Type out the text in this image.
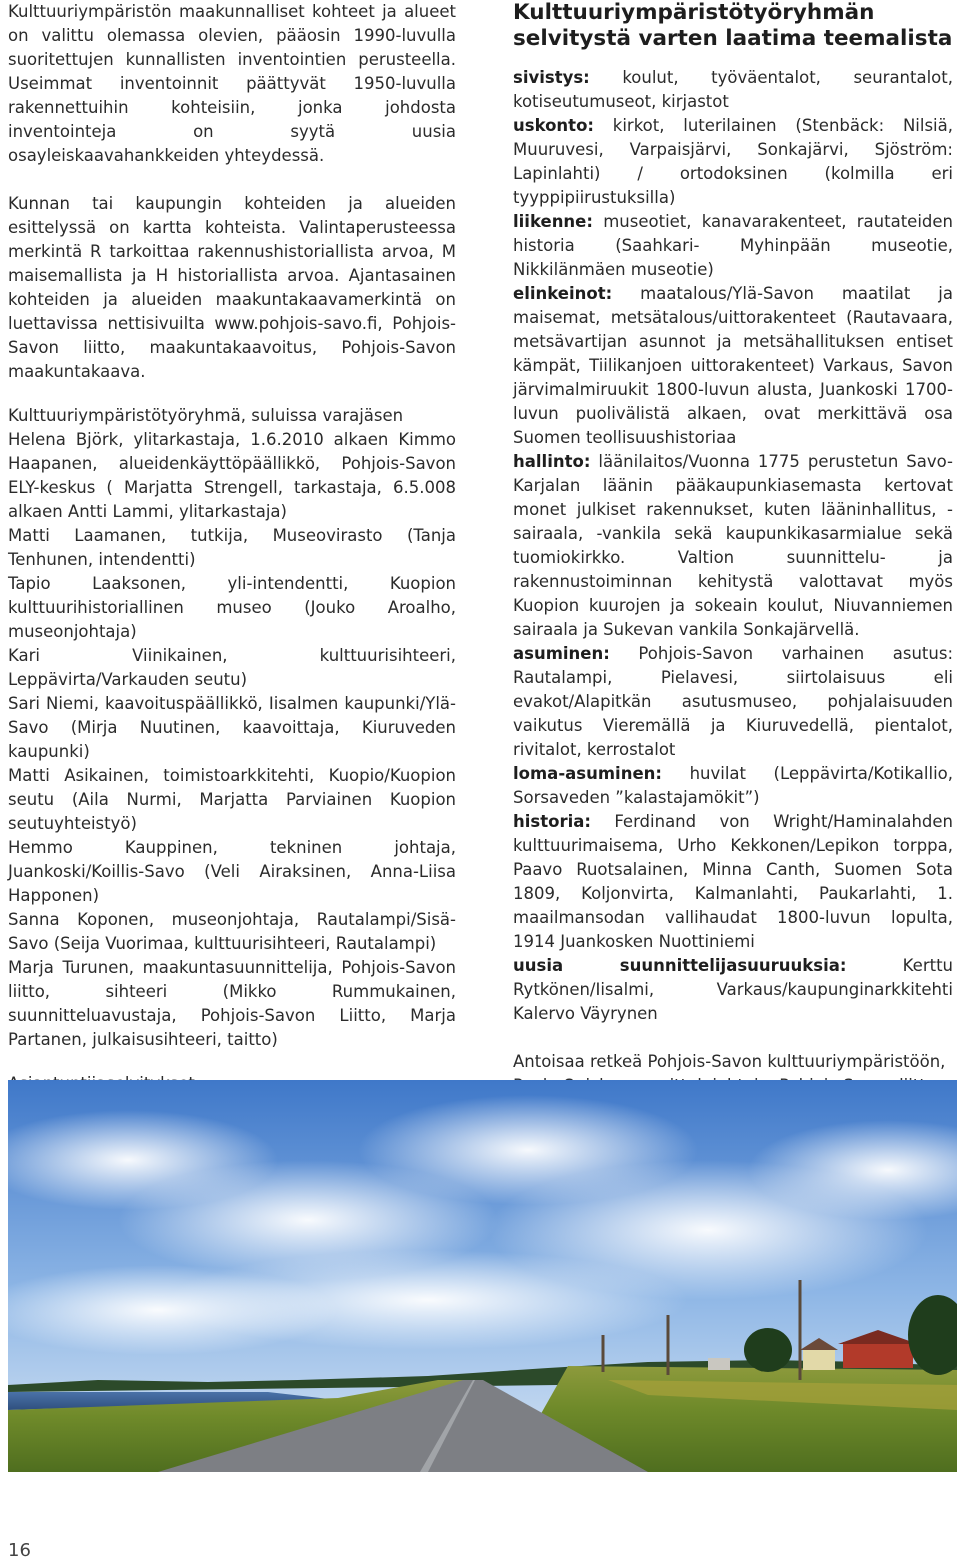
Kulttuuriympäristön maakunnalliset kohteet ja alueet on valittu olemassa olevien, pääosin 1990-luvulla suoritettujen kunnallisten inventointien perusteella. Useimmat inventoinnit päättyvät 1950-luvulla rakennettuihin kohteisiin, jonka johdosta inventointeja on syytä uusia osayleiskaavahankkeiden yhteydessä.

Kunnan tai kaupungin kohteiden ja alueiden esittelyssä on kartta kohteista. Valintaperusteessa merkintä R tarkoittaa rakennushistoriallista arvoa, M maisemallista ja H historiallista arvoa. Ajantasainen kohteiden ja alueiden maakuntakaavamerkintä on luettavissa nettisivuilta www.pohjois-savo.fi, Pohjois-Savon liitto, maakuntakaavoitus, Pohjois-Savon maakuntakaava.

Kulttuuriympäristötyöryhmä, suluissa varajäsen

Helena Björk, ylitarkastaja, 1.6.2010 alkaen Kimmo Haapanen, alueidenkäyttöpäällikkö, Pohjois-Savon ELY-keskus ( Marjatta Strengell, tarkastaja, 6.5.008 alkaen Antti Lammi, ylitarkastaja)

Matti Laamanen, tutkija, Museovirasto (Tanja Tenhunen, intendentti)

Tapio Laaksonen, yli-intendentti, Kuopion kulttuurihistoriallinen museo (Jouko Aroalho, museonjohtaja)

Kari Viinikainen, kulttuurisihteeri, Leppävirta/Varkauden seutu)

Sari Niemi, kaavoituspäällikkö, Iisalmen kaupunki/Ylä-Savo (Mirja Nuutinen, kaavoittaja, Kiuruveden kaupunki)

Matti Asikainen, toimistoarkkitehti, Kuopio/Kuopion seutu (Aila Nurmi, Marjatta Parviainen Kuopion seutuyhteistyö)

Hemmo Kauppinen, tekninen johtaja, Juankoski/Koillis-Savo (Veli Airaksinen, Anna-Liisa Happonen)

Sanna Koponen, museonjohtaja, Rautalampi/Sisä-Savo (Seija Vuorimaa, kulttuurisihteeri, Rautalampi)

Marja Turunen, maakuntasuunnittelija, Pohjois-Savon liitto, sihteeri (Mikko Rummukainen, suunnitteluavustaja, Pohjois-Savon Liitto, Marja Partanen, julkaisusihteeri, taitto)

Kulttuuriympäristötyöryhmän selvitystä varten laatima teemalista

sivistys: koulut, työväentalot, seurantalot, kotiseutumuseot, kirjastot

uskonto: kirkot, luterilainen (Stenbäck: Nilsiä, Muuruvesi, Varpaisjärvi, Sonkajärvi, Sjöström: Lapinlahti) / ortodoksinen (kolmilla eri tyyppipiirustuksilla)

liikenne: museotiet, kanavarakenteet, rautateiden historia (Saahkari- Myhinpään museotie, Nikkilänmäen museotie)

elinkeinot: maatalous/Ylä-Savon maatilat ja maisemat, metsätalous/uittorakenteet (Rautavaara, metsävartijan asunnot ja metsähallituksen entiset kämpät, Tiilikanjoen uittorakenteet) Varkaus, Savon järvimalmiruukit 1800-luvun alusta, Juankoski 1700-luvun puolivälistä alkaen, ovat merkittävä osa Suomen teollisuushistoriaa

hallinto: läänilaitos/Vuonna 1775 perustetun Savo-Karjalan läänin pääkaupunkiasemasta kertovat monet julkiset rakennukset, kuten lääninhallitus, -sairaala, -vankila sekä kaupunkikasarmialue sekä tuomiokirkko. Valtion suunnittelu- ja rakennustoiminnan kehitystä valottavat myös Kuopion kuurojen ja sokeain koulut, Niuvanniemen sairaala ja Sukevan vankila Sonkajärvellä.

asuminen: Pohjois-Savon varhainen asutus: Rautalampi, Pielavesi, siirtolaisuus eli evakot/Alapitkän asutusmuseo, pohjalaisuuden vaikutus Vieremällä ja Kiuruvedellä, pientalot, rivitalot, kerrostalot

loma-asuminen: huvilat (Leppävirta/Kotikallio, Sorsaveden ”kalastajamökit”)

historia: Ferdinand von Wright/Haminalahden kulttuurimaisema, Urho Kekkonen/Lepikon torppa, Paavo Ruotsalainen, Minna Canth, Suomen Sota 1809, Koljonvirta, Kalmanlahti, Paukarlahti, 1. maailmansodan vallihaudat 1800-luvun lopulta, 1914 Juankosken Nuottiniemi

uusia suunnittelijasuuruuksia: Kerttu Rytkönen/Iisalmi, Varkaus/kaupunginarkkitehti Kalervo Väyrynen

Antoisaa retkeä Pohjois-Savon kulttuuriympäristöön,

16
